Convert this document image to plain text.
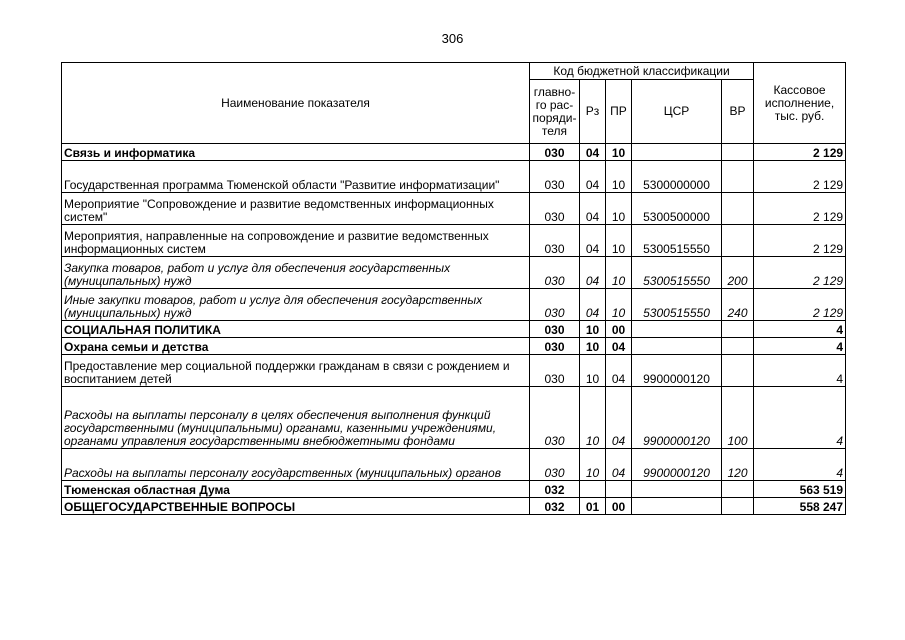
306
Наименование показателя	Код бюджетной классификации					Кассовое исполнение, тыс. руб.
	главно-го рас-поряди-теля	Рз	ПР	ЦСР	ВР	
Связь и информатика	030	04	10			2 129
Государственная программа Тюменской области "Развитие информатизации"	030	04	10	5300000000		2 129
Мероприятие "Сопровождение и развитие ведомственных информационных систем"	030	04	10	5300500000		2 129
Мероприятия, направленные на сопровождение и развитие ведомственных информационных систем	030	04	10	5300515550		2 129
Закупка товаров, работ и услуг для обеспечения государственных (муниципальных) нужд	030	04	10	5300515550	200	2 129
Иные закупки товаров, работ и услуг для обеспечения государственных (муниципальных) нужд	030	04	10	5300515550	240	2 129
СОЦИАЛЬНАЯ ПОЛИТИКА	030	10	00			4
Охрана семьи и детства	030	10	04			4
Предоставление мер социальной поддержки гражданам в связи с рождением и воспитанием детей	030	10	04	9900000120		4
Расходы на выплаты персоналу в целях обеспечения выполнения функций государственными (муниципальными) органами, казенными учреждениями, органами управления государственными внебюджетными фондами	030	10	04	9900000120	100	4
Расходы на выплаты персоналу государственных (муниципальных) органов	030	10	04	9900000120	120	4
Тюменская областная Дума	032					563 519
ОБЩЕГОСУДАРСТВЕННЫЕ ВОПРОСЫ	032	01	00			558 247
